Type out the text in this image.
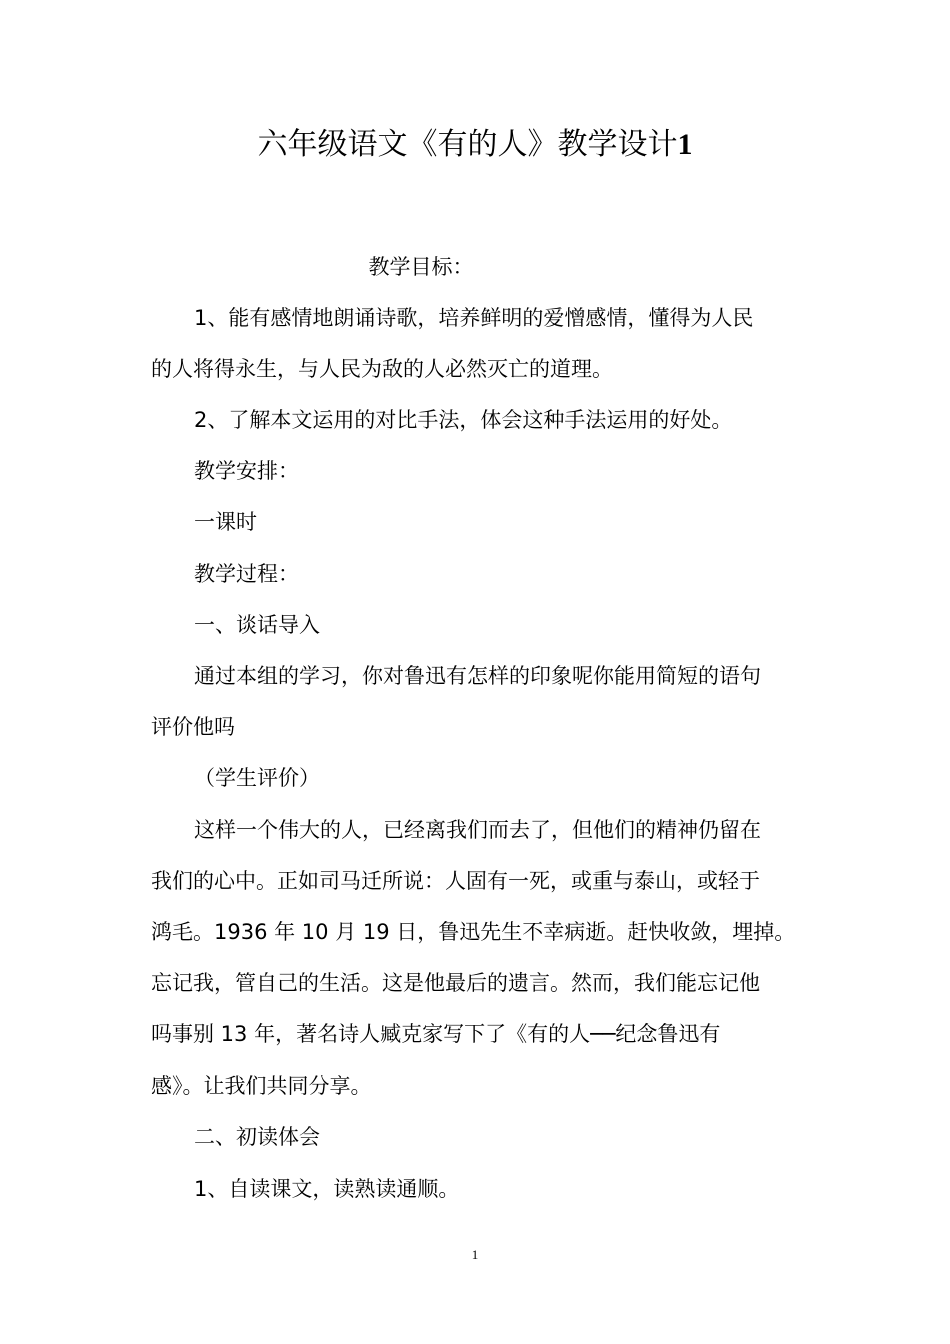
六年级语文《有的人》教学设计1
教学目标：
1、能有感情地朗诵诗歌，培养鲜明的爱憎感情，懂得为人民
的人将得永生，与人民为敌的人必然灭亡的道理。
2、了解本文运用的对比手法，体会这种手法运用的好处。
教学安排：
一课时
教学过程：
一、谈话导入
通过本组的学习，你对鲁迅有怎样的印象呢你能用简短的语句
评价他吗
（学生评价）
这样一个伟大的人，已经离我们而去了，但他们的精神仍留在
我们的心中。正如司马迁所说：人固有一死，或重与泰山，或轻于
鸿毛。1936 年 10 月 19 日，鲁迅先生不幸病逝。赶快收敛，埋掉。
忘记我，管自己的生活。这是他最后的遗言。然而，我们能忘记他
吗事别 13 年，著名诗人臧克家写下了《有的人──纪念鲁迅有
感》。让我们共同分享。
二、初读体会
1、自读课文，读熟读通顺。
1
